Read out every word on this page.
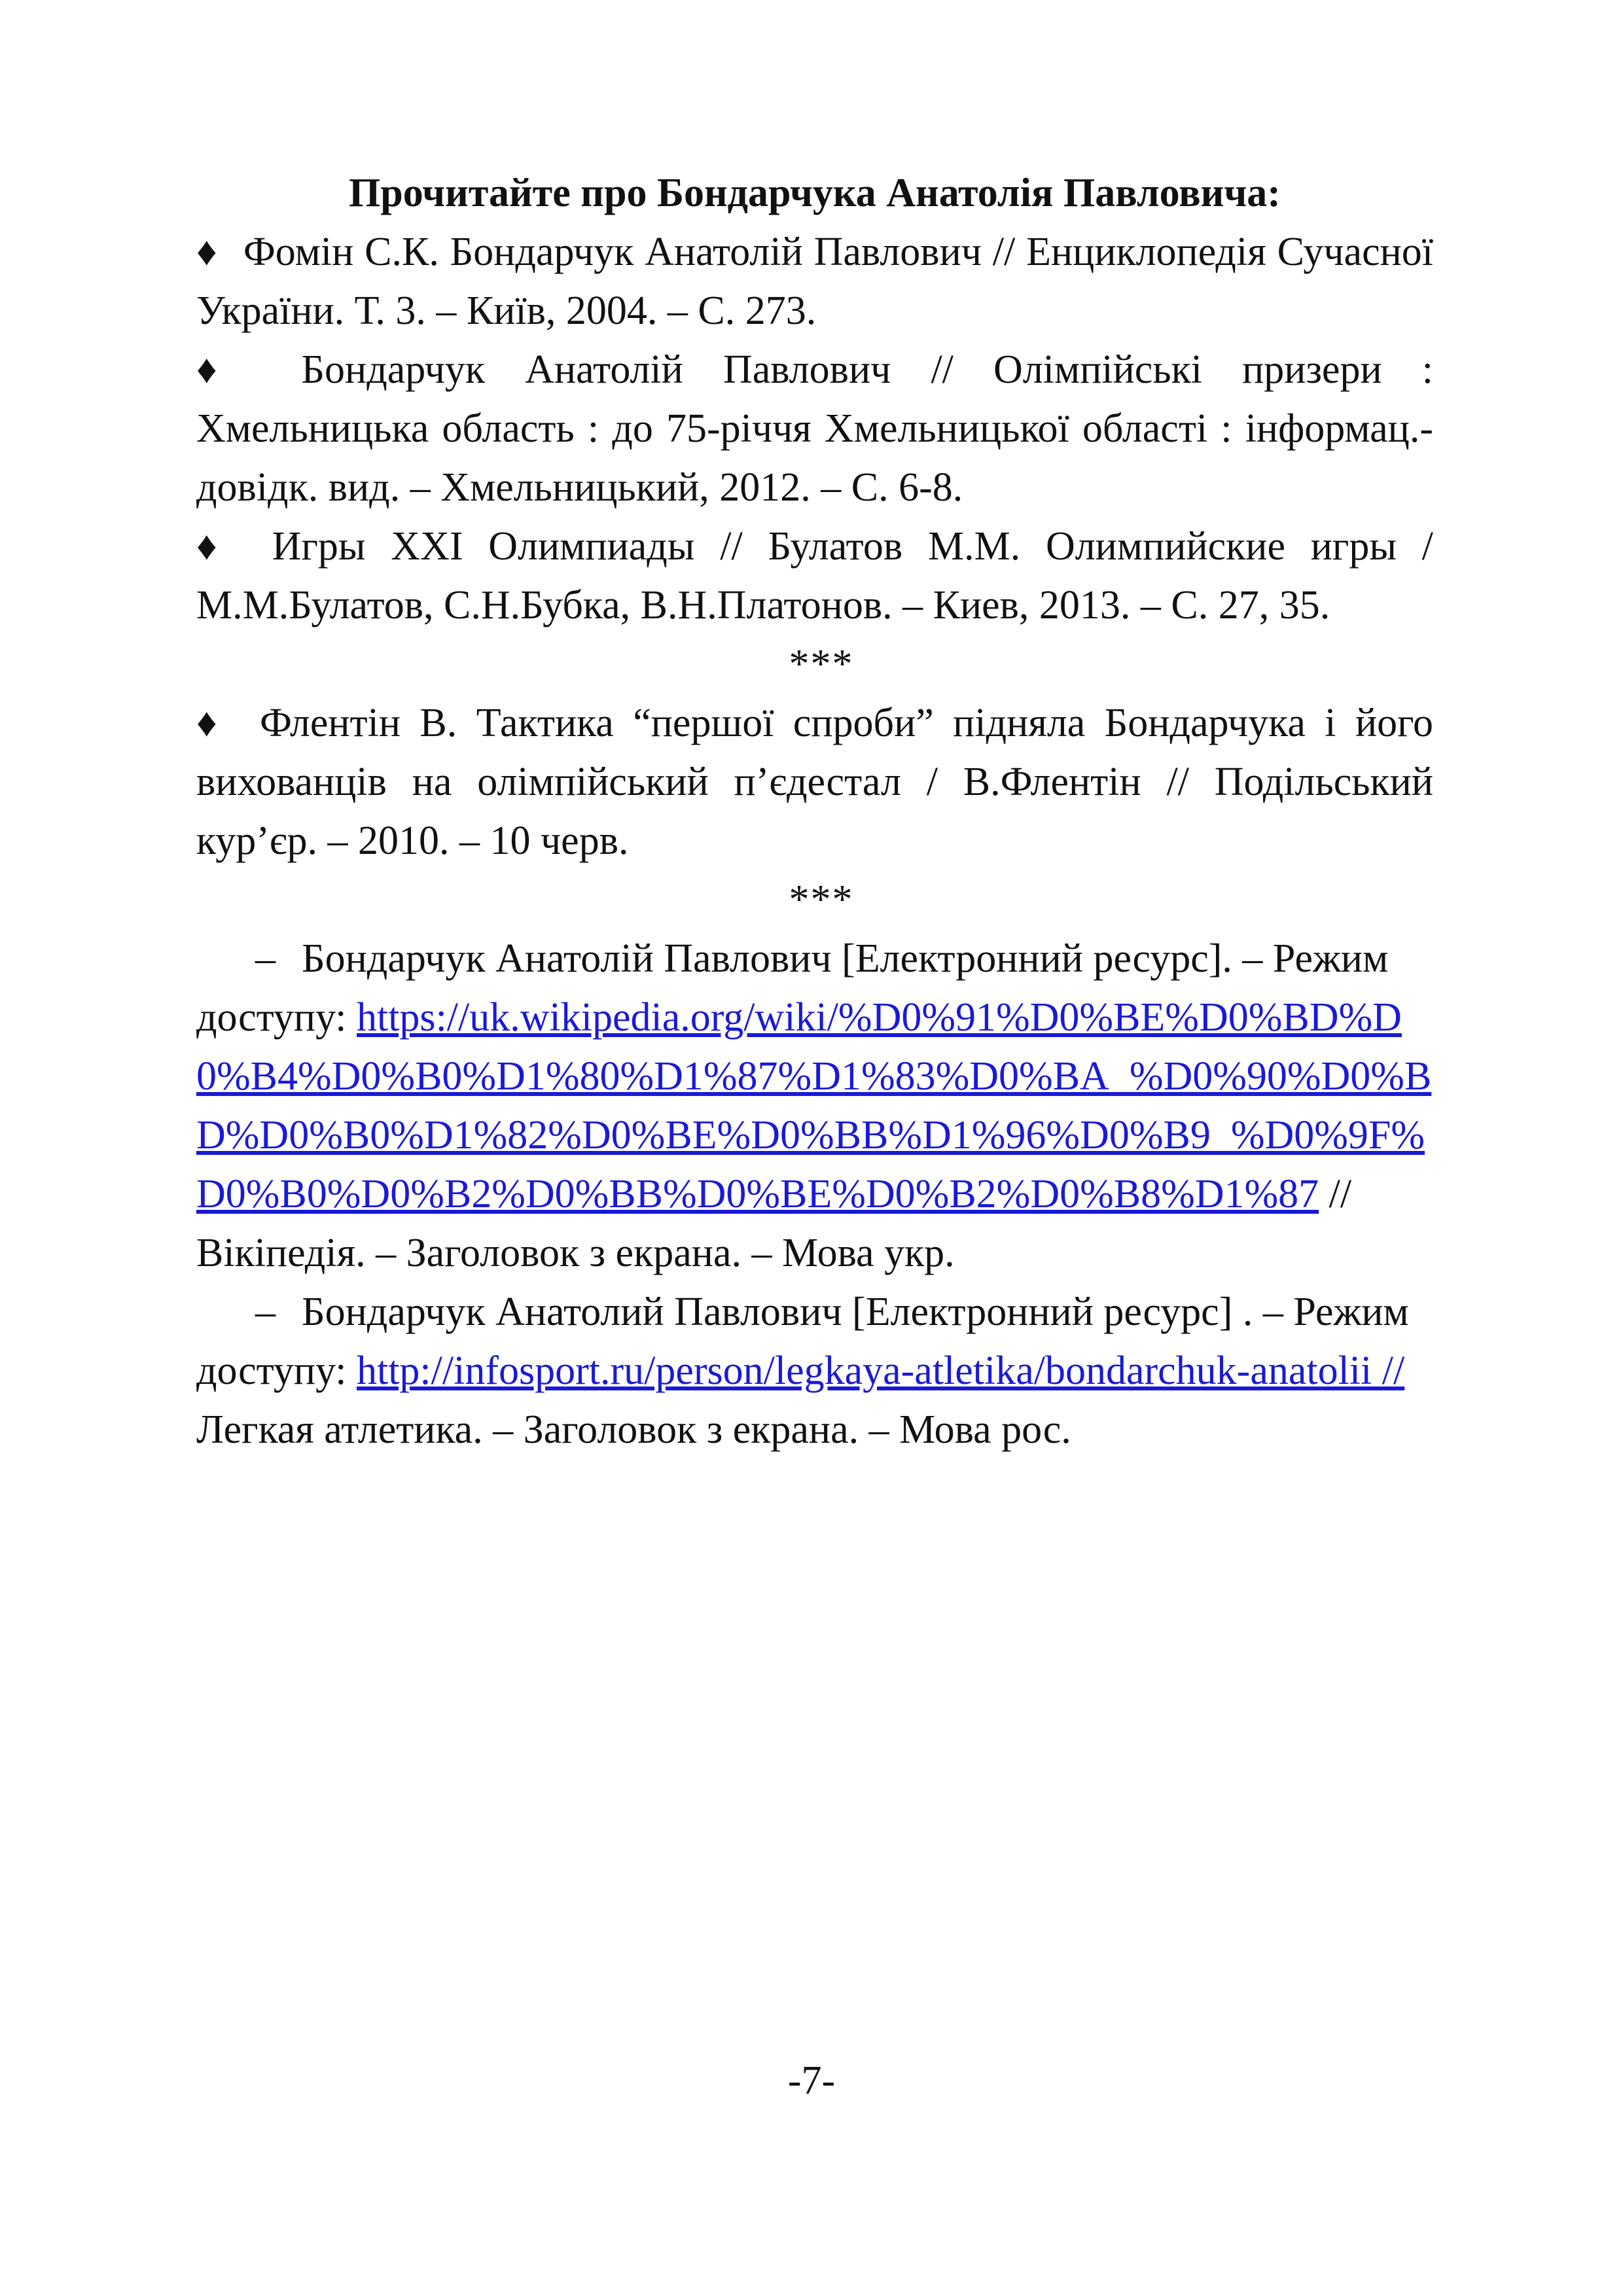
Прочитайте про Бондарчука Анатолія Павловича:

♦ Фомін С.К. Бондарчук Анатолій Павлович // Енциклопедія Сучасної України. Т. 3. – Київ, 2004. – С. 273.

♦ Бондарчук Анатолій Павлович // Олімпійські призери : Хмельницька область : до 75-річчя Хмельницької області : інформац.-довідк. вид. – Хмельницький, 2012. – С. 6-8.

♦ Игры XXI Олимпиады // Булатов М.М. Олимпийские игры / М.М.Булатов, С.Н.Бубка, В.Н.Платонов. – Киев, 2013. – С. 27, 35.

***

♦ Флентін В. Тактика “першої спроби” підняла Бондарчука і його вихованців на олімпійський п’єдестал / В.Флентін // Подільський кур’єр. – 2010. – 10 черв.

***

– Бондарчук Анатолій Павлович [Електронний ресурс]. – Режим доступу: https://uk.wikipedia.org/wiki/%D0%91%D0%BE%D0%BD%D0%B4%D0%B0%D1%80%D1%87%D1%83%D0%BA_%D0%90%D0%BD%D0%B0%D1%82%D0%BE%D0%BB%D1%96%D0%B9_%D0%9F%D0%B0%D0%B2%D0%BB%D0%BE%D0%B2%D0%B8%D1%87 // Вікіпедія. – Заголовок з екрана. – Мова укр.

– Бондарчук Анатолий Павлович [Електронний ресурс] . – Режим доступу: http://infosport.ru/person/legkaya-atletika/bondarchuk-anatolii // Легкая атлетика. – Заголовок з екрана. – Мова рос.

-7-
